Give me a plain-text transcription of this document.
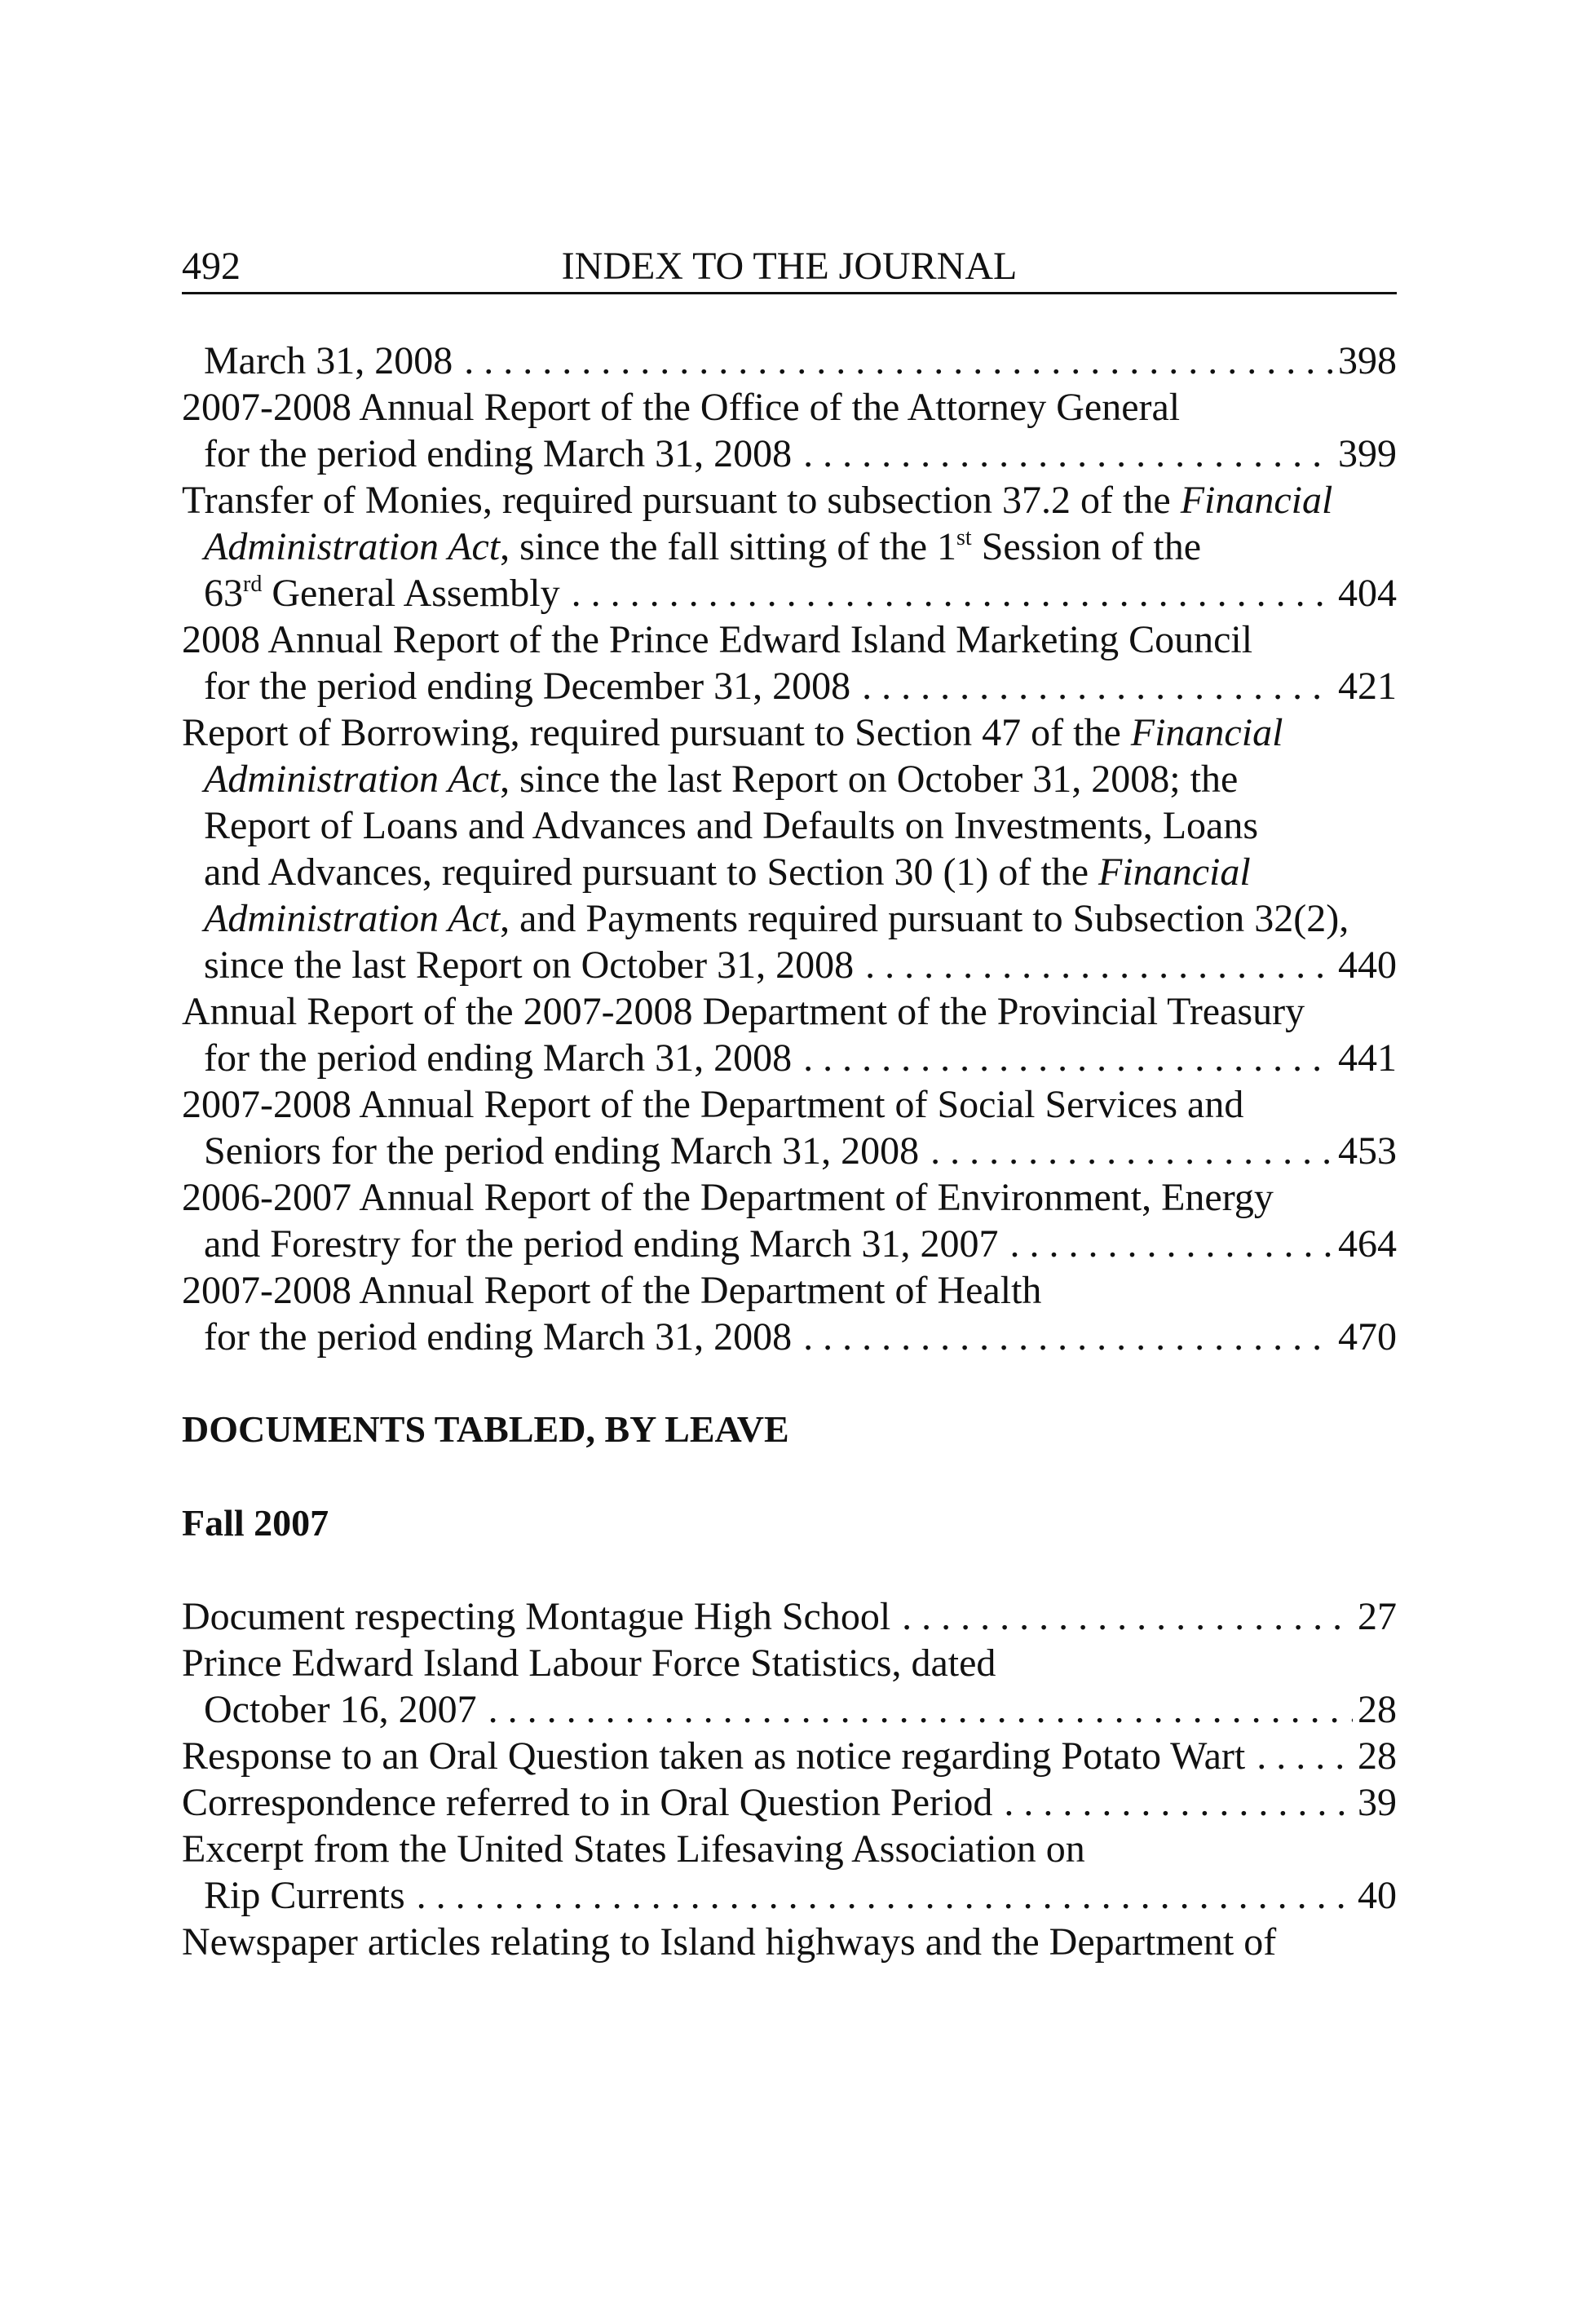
492	INDEX TO THE JOURNAL
March 31, 2008 . . .	398
2007-2008 Annual Report of the Office of the Attorney General
for the period ending March 31, 2008 . . .	399
Transfer of Monies, required pursuant to subsection 37.2 of the Financial
Administration Act, since the fall sitting of the 1st Session of the
63rd General Assembly . . .	404
2008 Annual Report of the Prince Edward Island Marketing Council
for the period ending December 31, 2008 . . .	421
Report of Borrowing, required pursuant to Section 47 of the Financial
Administration Act, since the last Report on October 31, 2008; the
Report of Loans and Advances and Defaults on Investments, Loans
and Advances, required pursuant to Section 30 (1) of the Financial
Administration Act, and Payments required pursuant to Subsection 32(2),
since the last Report on October 31, 2008 . . .	440
Annual Report of the 2007-2008 Department of the Provincial Treasury
for the period ending March 31, 2008 . . .	441
2007-2008 Annual Report of the Department of Social Services and
Seniors for the period ending March 31, 2008 . . .	453
2006-2007 Annual Report of the Department of Environment, Energy
and Forestry for the period ending March 31, 2007 . . .	464
2007-2008 Annual Report of the Department of Health
for the period ending March 31, 2008 . . .	470
DOCUMENTS TABLED, BY LEAVE
Fall 2007
Document respecting Montague High School . . .	27
Prince Edward Island Labour Force Statistics, dated
October 16, 2007 . . .	28
Response to an Oral Question taken as notice regarding Potato Wart . . .	28
Correspondence referred to in Oral Question Period . . .	39
Excerpt from the United States Lifesaving Association on
Rip Currents . . .	40
Newspaper articles relating to Island highways and the Department of
